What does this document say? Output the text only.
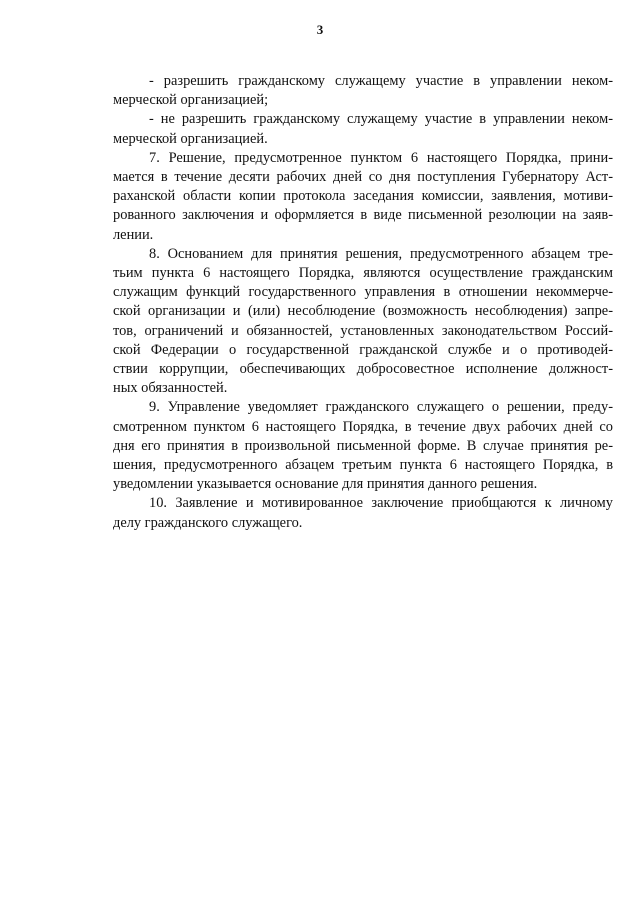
3
- разрешить гражданскому служащему участие в управлении неком-
мерческой организацией;
- не разрешить гражданскому служащему участие в управлении неком-
мерческой организацией.
7. Решение, предусмотренное пунктом 6 настоящего Порядка, прини-
мается в течение десяти рабочих дней со дня поступления Губернатору Аст-
раханской области копии протокола заседания комиссии, заявления, мотиви-
рованного заключения и оформляется в виде письменной резолюции на заяв-
лении.
8. Основанием для принятия решения, предусмотренного абзацем тре-
тьим пункта 6 настоящего Порядка, являются осуществление гражданским
служащим функций государственного управления в отношении некоммерче-
ской организации и (или) несоблюдение (возможность несоблюдения) запре-
тов, ограничений и обязанностей, установленных законодательством Россий-
ской Федерации о государственной гражданской службе и о противодей-
ствии коррупции, обеспечивающих добросовестное исполнение должност-
ных обязанностей.
9. Управление уведомляет гражданского служащего о решении, преду-
смотренном пунктом 6 настоящего Порядка, в течение двух рабочих дней со
дня его принятия в произвольной письменной форме. В случае принятия ре-
шения, предусмотренного абзацем третьим пункта 6 настоящего Порядка, в
уведомлении указывается основание для принятия данного решения.
10. Заявление и мотивированное заключение приобщаются к личному
делу гражданского служащего.
